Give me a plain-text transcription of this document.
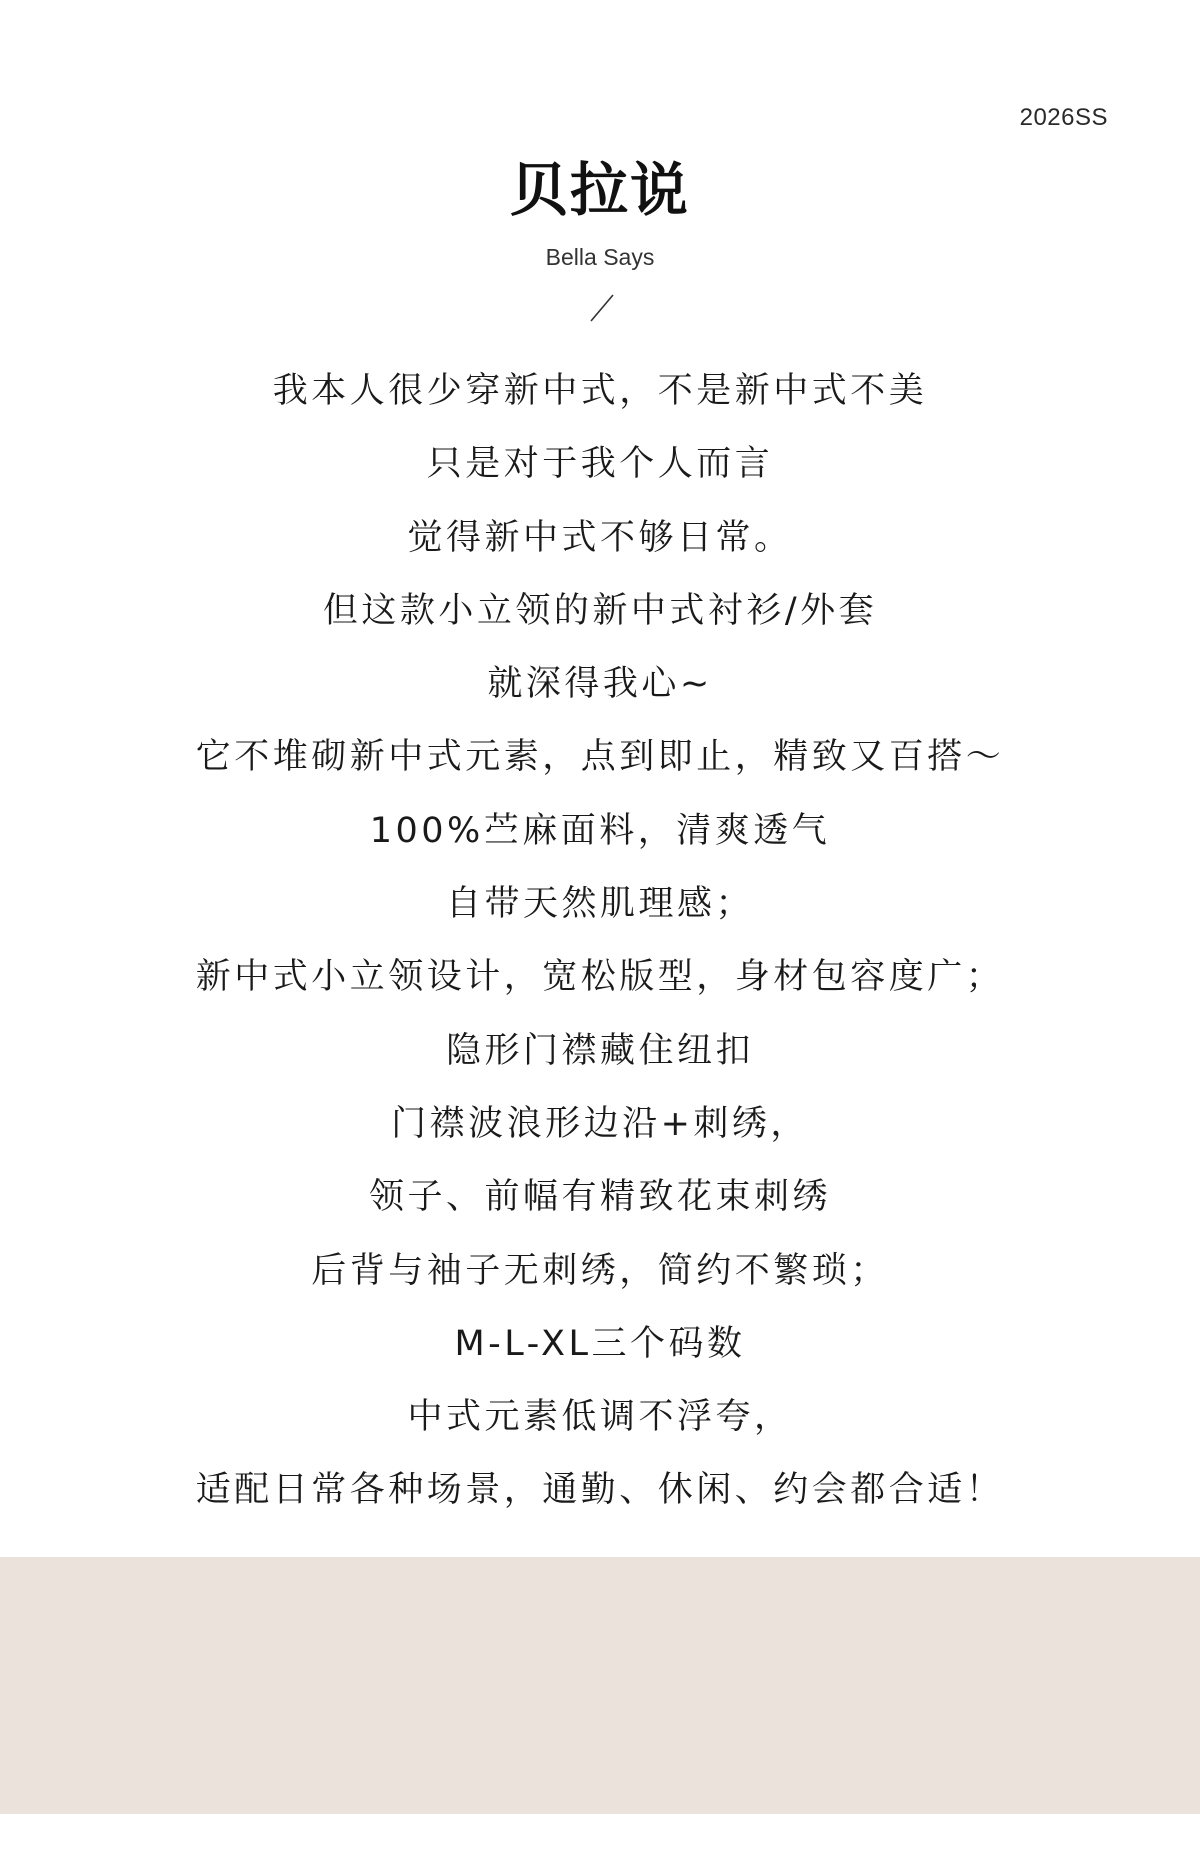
2026SS
贝拉说
Bella Says
我本人很少穿新中式，不是新中式不美
只是对于我个人而言
觉得新中式不够日常。
但这款小立领的新中式衬衫/外套
就深得我心~
它不堆砌新中式元素，点到即止，精致又百搭～
100%苎麻面料，清爽透气
自带天然肌理感；
新中式小立领设计，宽松版型，身材包容度广；
隐形门襟藏住纽扣
门襟波浪形边沿+刺绣，
领子、前幅有精致花束刺绣
后背与袖子无刺绣，简约不繁琐；
M-L-XL三个码数
中式元素低调不浮夸，
适配日常各种场景，通勤、休闲、约会都合适！
